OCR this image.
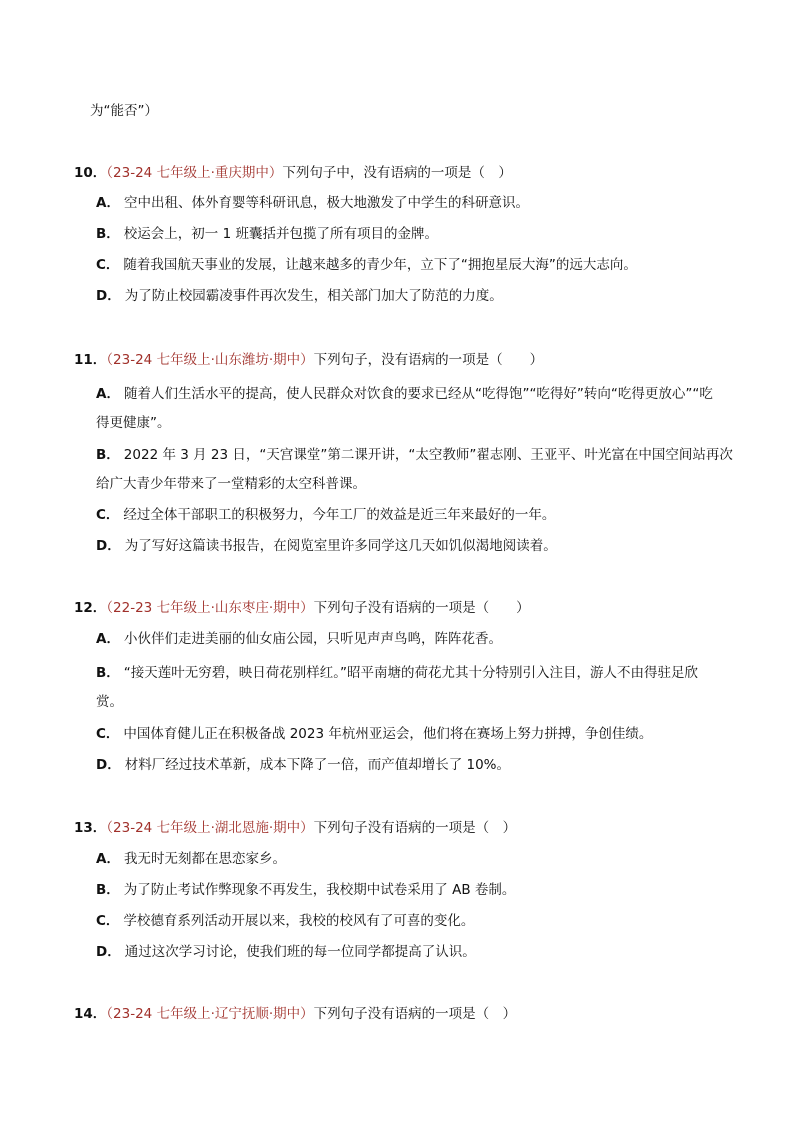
为“能否”）
10．（23-24 七年级上·重庆期中）下列句子中，没有语病的一项是（　）
A． 空中出租、体外育婴等科研讯息，极大地激发了中学生的科研意识。
B． 校运会上，初一 1 班囊括并包揽了所有项目的金牌。
C． 随着我国航天事业的发展，让越来越多的青少年，立下了“拥抱星辰大海”的远大志向。
D． 为了防止校园霸凌事件再次发生，相关部门加大了防范的力度。
11．（23-24 七年级上·山东潍坊·期中）下列句子，没有语病的一项是（　　）
A． 随着人们生活水平的提高，使人民群众对饮食的要求已经从“吃得饱”“吃得好”转向“吃得更放心”“吃
得更健康”。
B． 2022 年 3 月 23 日，“天宫课堂”第二课开讲，“太空教师”翟志刚、王亚平、叶光富在中国空间站再次
给广大青少年带来了一堂精彩的太空科普课。
C． 经过全体干部职工的积极努力，今年工厂的效益是近三年来最好的一年。
D． 为了写好这篇读书报告，在阅览室里许多同学这几天如饥似渴地阅读着。
12．（22-23 七年级上·山东枣庄·期中）下列句子没有语病的一项是（　　）
A． 小伙伴们走进美丽的仙女庙公园，只听见声声鸟鸣，阵阵花香。
B． “接天莲叶无穷碧，映日荷花别样红。”昭平南塘的荷花尤其十分特别引入注目，游人不由得驻足欣
赏。
C． 中国体育健儿正在积极备战 2023 年杭州亚运会，他们将在赛场上努力拼搏，争创佳绩。
D． 材料厂经过技术革新，成本下降了一倍，而产值却增长了 10%。
13．（23-24 七年级上·湖北恩施·期中）下列句子没有语病的一项是（　）
A． 我无时无刻都在思恋家乡。
B． 为了防止考试作弊现象不再发生，我校期中试卷采用了 AB 卷制。
C． 学校德育系列活动开展以来，我校的校风有了可喜的变化。
D． 通过这次学习讨论，使我们班的每一位同学都提高了认识。
14．（23-24 七年级上·辽宁抚顺·期中）下列句子没有语病的一项是（　）
